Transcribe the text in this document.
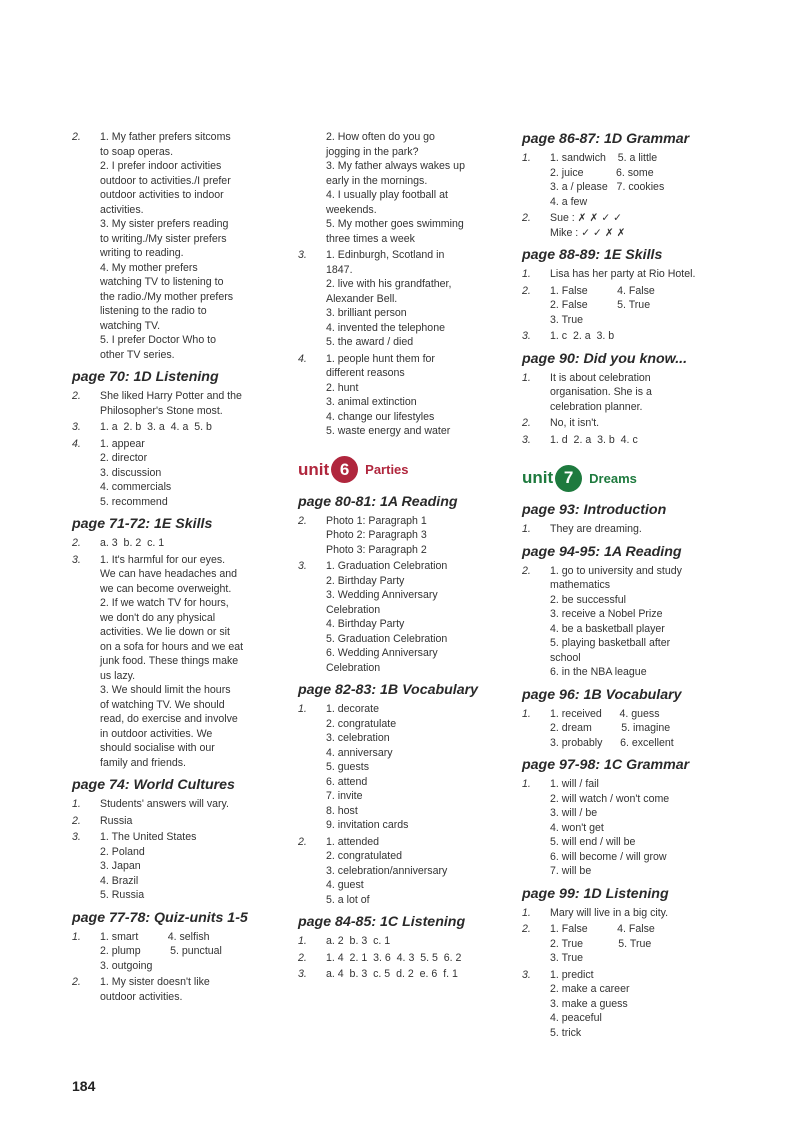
2.	1. My father prefers sitcoms
to soap operas.
2. I prefer indoor activities
outdoor to activities./I prefer
outdoor activities to indoor
activities.
3. My sister prefers reading
to writing./My sister prefers
writing to reading.
4. My mother prefers
watching TV to listening to
the radio./My mother prefers
listening to the radio to
watching TV.
5. I prefer Doctor Who to
other TV series.
page 70: 1D Listening
2.	She liked Harry Potter and the
Philosopher's Stone most.
3.	1. a  2. b  3. a  4. a  5. b
4.	1. appear
2. director
3. discussion
4. commercials
5. recommend
page 71-72: 1E Skills
2.	a. 3  b. 2  c. 1
3.	1. It's harmful for our eyes.
We can have headaches and
we can become overweight.
2. If we watch TV for hours,
we don't do any physical
activities. We lie down or sit
on a sofa for hours and we eat
junk food. These things make
us lazy.
3. We should limit the hours
of watching TV. We should
read, do exercise and involve
in outdoor activities. We
should socialise with our
family and friends.
page 74: World Cultures
1.	Students' answers will vary.
2.	Russia
3.	1. The United States
2. Poland
3. Japan
4. Brazil
5. Russia
page 77-78: Quiz-units 1-5
1.	1. smart          4. selfish
2. plump          5. punctual
3. outgoing
2.	1. My sister doesn't like
outdoor activities.
2. How often do you go
jogging in the park?
3. My father always wakes up
early in the mornings.
4. I usually play football at
weekends.
5. My mother goes swimming
three times a week
3.	1. Edinburgh, Scotland in
1847.
2. live with his grandfather,
Alexander Bell.
3. brilliant person
4. invented the telephone
5. the award / died
4.	1. people hunt them for
different reasons
2. hunt
3. animal extinction
4. change our lifestyles
5. waste energy and water
unit 6	Parties
page 80-81: 1A Reading
2.	Photo 1: Paragraph 1
Photo 2: Paragraph 3
Photo 3: Paragraph 2
3.	1. Graduation Celebration
2. Birthday Party
3. Wedding Anniversary
Celebration
4. Birthday Party
5. Graduation Celebration
6. Wedding Anniversary
Celebration
page 82-83: 1B Vocabulary
1.	1. decorate
2. congratulate
3. celebration
4. anniversary
5. guests
6. attend
7. invite
8. host
9. invitation cards
2.	1. attended
2. congratulated
3. celebration/anniversary
4. guest
5. a lot of
page 84-85: 1C Listening
1.	a. 2  b. 3  c. 1
2.	1. 4  2. 1  3. 6  4. 3  5. 5  6. 2
3.	a. 4  b. 3  c. 5  d. 2  e. 6  f. 1
page 86-87: 1D Grammar
1.	1. sandwich    5. a little
2. juice           6. some
3. a / please   7. cookies
4. a few
2.	Sue : ✗ ✗ ✓ ✓
Mike : ✓ ✓ ✗ ✗
page 88-89: 1E Skills
1.	Lisa has her party at Rio Hotel.
2.	1. False          4. False
2. False          5. True
3. True
3.	1. c  2. a  3. b
page 90: Did you know...
1.	It is about celebration
organisation. She is a
celebration planner.
2.	No, it isn't.
3.	1. d  2. a  3. b  4. c
unit 7	Dreams
page 93: Introduction
1.	They are dreaming.
page 94-95: 1A Reading
2.	1. go to university and study
mathematics
2. be successful
3. receive a Nobel Prize
4. be a basketball player
5. playing basketball after
school
6. in the NBA league
page 96: 1B Vocabulary
1.	1. received      4. guess
2. dream          5. imagine
3. probably      6. excellent
page 97-98: 1C Grammar
1.	1. will / fail
2. will watch / won't come
3. will / be
4. won't get
5. will end / will be
6. will become / will grow
7. will be
page 99: 1D Listening
1.	Mary will live in a big city.
2.	1. False          4. False
2. True            5. True
3. True
3.	1. predict
2. make a career
3. make a guess
4. peaceful
5. trick
184
